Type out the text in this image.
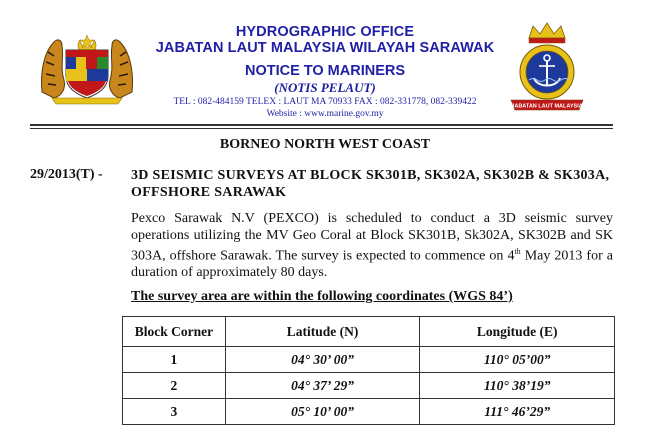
HYDROGRAPHIC OFFICE
JABATAN LAUT MALAYSIA WILAYAH SARAWAK
NOTICE TO MARINERS
(NOTIS PELAUT)
TEL : 082-484159 TELEX : LAUT MA 70933 FAX : 082-331778, 082-339422
Website : www.marine.gov.my
JABATAN LAUT MALAYSIA
BORNEO NORTH WEST COAST
29/2013(T) - 3D SEISMIC SURVEYS AT BLOCK SK301B, SK302A, SK302B & SK303A, OFFSHORE SARAWAK

Pexco Sarawak N.V (PEXCO) is scheduled to conduct a 3D seismic survey operations utilizing the MV Geo Coral at Block SK301B, Sk302A, SK302B and SK 303A, offshore Sarawak. The survey is expected to commence on 4th May 2013 for a duration of approximately 80 days.

The survey area are within the following coordinates (WGS 84’)
Block Corner	Latitude (N)	Longitude (E)
1	04° 30’ 00”	110° 05’00”
2	04° 37’ 29”	110° 38’19”
3	05° 10’ 00”	111° 46’29”
